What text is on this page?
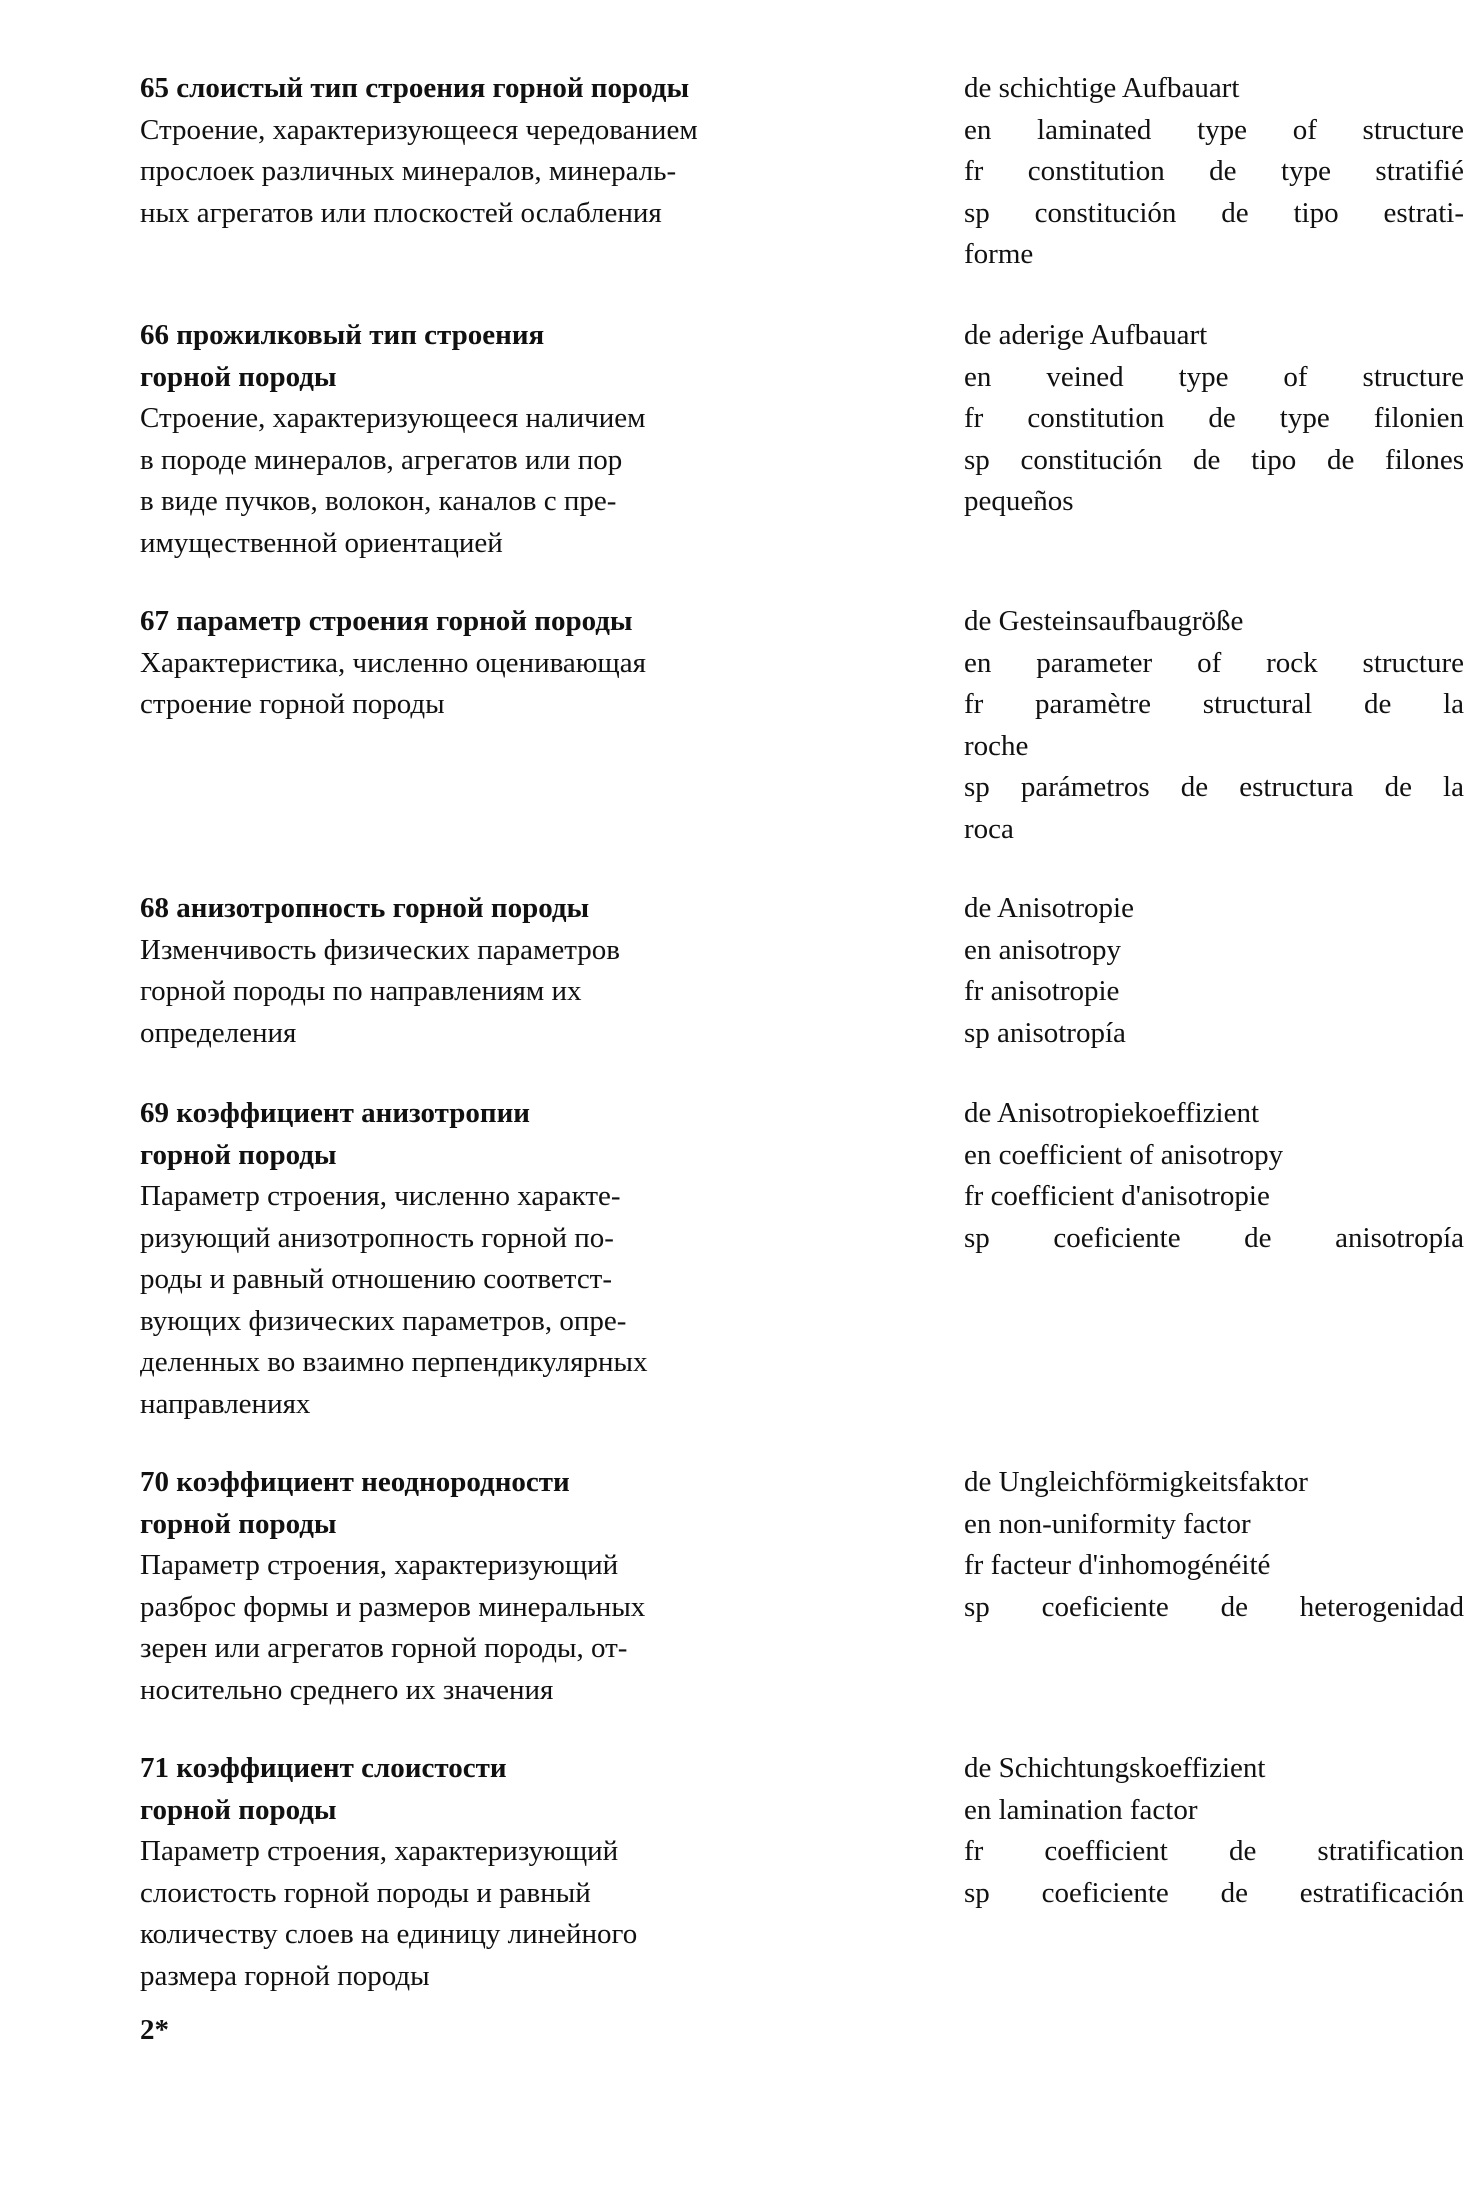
65 слоистый тип строения горной породы
Строение, характеризующееся чередованием
прослоек различных минералов, минераль-
ных агрегатов или плоскостей ослабления
de schichtige Aufbauart
en laminated type of structure
fr constitution de type stratifié
sp constitución de tipo estrati-
forme
66 прожилковый тип строения
горной породы
Строение, характеризующееся наличием
в породе минералов, агрегатов или пор
в виде пучков, волокон, каналов с пре-
имущественной ориентацией
de aderige Aufbauart
en veined type of structure
fr constitution de type filonien
sp constitución de tipo de filones
pequeños
67 параметр строения горной породы
Характеристика, численно оценивающая
строение горной породы
de Gesteinsaufbaugröße
en parameter of rock structure
fr paramètre structural de la
roche
sp parámetros de estructura de la
roca
68 анизотропность горной породы
Изменчивость физических параметров
горной породы по направлениям их
определения
de Anisotropie
en anisotropy
fr anisotropie
sp anisotropía
69 коэффициент анизотропии
горной породы
Параметр строения, численно характе-
ризующий анизотропность горной по-
роды и равный отношению соответст-
вующих физических параметров, опре-
деленных во взаимно перпендикулярных
направлениях
de Anisotropiekoeffizient
en coefficient of anisotropy
fr coefficient d'anisotropie
sp coeficiente de anisotropía
70 коэффициент неоднородности
горной породы
Параметр строения, характеризующий
разброс формы и размеров минеральных
зерен или агрегатов горной породы, от-
носительно среднего их значения
de Ungleichförmigkeitsfaktor
en non-uniformity factor
fr facteur d'inhomogénéité
sp coeficiente de heterogenidad
71 коэффициент слоистости
горной породы
Параметр строения, характеризующий
слоистость горной породы и равный
количеству слоев на единицу линейного
размера горной породы
de Schichtungskoeffizient
en lamination factor
fr coefficient de stratification
sp coeficiente de estratificación
2*
